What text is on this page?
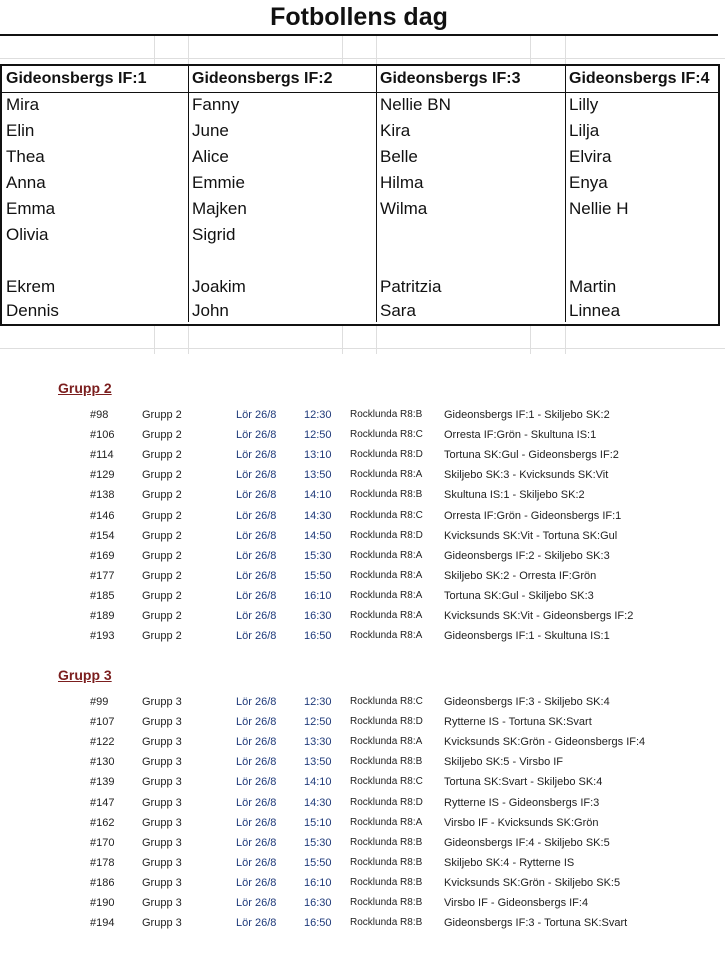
Fotbollens dag
Gideonsbergs IF:1	Gideonsbergs IF:2	Gideonsbergs IF:3	Gideonsbergs IF:4
Mira	Fanny	Nellie BN	Lilly
Elin	June	Kira	Lilja
Thea	Alice	Belle	Elvira
Anna	Emmie	Hilma	Enya
Emma	Majken	Wilma	Nellie H
Olivia	Sigrid
Ekrem	Joakim	Patritzia	Martin
Dennis	John	Sara	Linnea
Grupp 2
#98	Grupp 2	Lör 26/8	12:30 Rocklunda R8:B Gideonsbergs IF:1 - Skiljebo SK:2
#106	Grupp 2	Lör 26/8	12:50 Rocklunda R8:C Orresta IF:Grön - Skultuna IS:1
#114	Grupp 2	Lör 26/8	13:10 Rocklunda R8:D Tortuna SK:Gul - Gideonsbergs IF:2
#129	Grupp 2	Lör 26/8	13:50 Rocklunda R8:A Skiljebo SK:3 - Kvicksunds SK:Vit
#138	Grupp 2	Lör 26/8	14:10 Rocklunda R8:B Skultuna IS:1 - Skiljebo SK:2
#146	Grupp 2	Lör 26/8	14:30 Rocklunda R8:C Orresta IF:Grön - Gideonsbergs IF:1
#154	Grupp 2	Lör 26/8	14:50 Rocklunda R8:D Kvicksunds SK:Vit - Tortuna SK:Gul
#169	Grupp 2	Lör 26/8	15:30 Rocklunda R8:A Gideonsbergs IF:2 - Skiljebo SK:3
#177	Grupp 2	Lör 26/8	15:50 Rocklunda R8:A Skiljebo SK:2 - Orresta IF:Grön
#185	Grupp 2	Lör 26/8	16:10 Rocklunda R8:A Tortuna SK:Gul - Skiljebo SK:3
#189	Grupp 2	Lör 26/8	16:30 Rocklunda R8:A Kvicksunds SK:Vit - Gideonsbergs IF:2
#193	Grupp 2	Lör 26/8	16:50 Rocklunda R8:A Gideonsbergs IF:1 - Skultuna IS:1
Grupp 3
#99	Grupp 3	Lör 26/8	12:30 Rocklunda R8:C Gideonsbergs IF:3 - Skiljebo SK:4
#107	Grupp 3	Lör 26/8	12:50 Rocklunda R8:D Rytterne IS - Tortuna SK:Svart
#122	Grupp 3	Lör 26/8	13:30 Rocklunda R8:A Kvicksunds SK:Grön - Gideonsbergs IF:4
#130	Grupp 3	Lör 26/8	13:50 Rocklunda R8:B Skiljebo SK:5 - Virsbo IF
#139	Grupp 3	Lör 26/8	14:10 Rocklunda R8:C Tortuna SK:Svart - Skiljebo SK:4
#147	Grupp 3	Lör 26/8	14:30 Rocklunda R8:D Rytterne IS - Gideonsbergs IF:3
#162	Grupp 3	Lör 26/8	15:10 Rocklunda R8:A Virsbo IF - Kvicksunds SK:Grön
#170	Grupp 3	Lör 26/8	15:30 Rocklunda R8:B Gideonsbergs IF:4 - Skiljebo SK:5
#178	Grupp 3	Lör 26/8	15:50 Rocklunda R8:B Skiljebo SK:4 - Rytterne IS
#186	Grupp 3	Lör 26/8	16:10 Rocklunda R8:B Kvicksunds SK:Grön - Skiljebo SK:5
#190	Grupp 3	Lör 26/8	16:30 Rocklunda R8:B Virsbo IF - Gideonsbergs IF:4
#194	Grupp 3	Lör 26/8	16:50 Rocklunda R8:B Gideonsbergs IF:3 - Tortuna SK:Svart
